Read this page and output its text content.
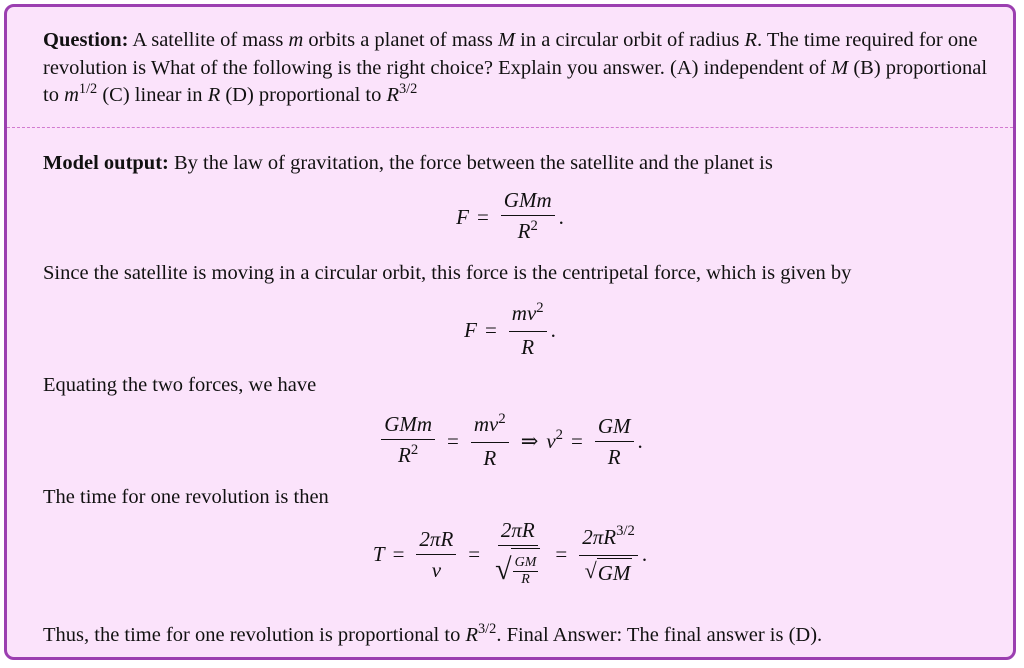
Question: A satellite of mass m orbits a planet of mass M in a circular orbit of radius R. The time required for one revolution is What of the following is the right choice? Explain you answer. (A) independent of M (B) proportional to $m^{1/2}$ (C) linear in R (D) proportional to $R^{3/2}$
Model output: By the law of gravitation, the force between the satellite and the planet is
$F = \frac{\text{GMm}}{R^2}$ .
Since the satellite is moving in a circular orbit, this force is the centripetal force, which is given by
$F = \frac{mv^2}{R}$ .
Equating the two forces, we have
$\frac{\text{GMm}}{R^2} = \frac{mv^2}{R}$ ⇒ $v^2 = \frac{GM}{R}$ .
The time for one revolution is then
$T = \frac{2\pi R}{v} = \frac{2\pi R}{√ \frac{GM}{R}} = \frac{2\pi R^{3/2}}{√ GM}$ .
Thus, the time for one revolution is proportional to $R^{3/2}$. Final Answer: The final answer is (D).
